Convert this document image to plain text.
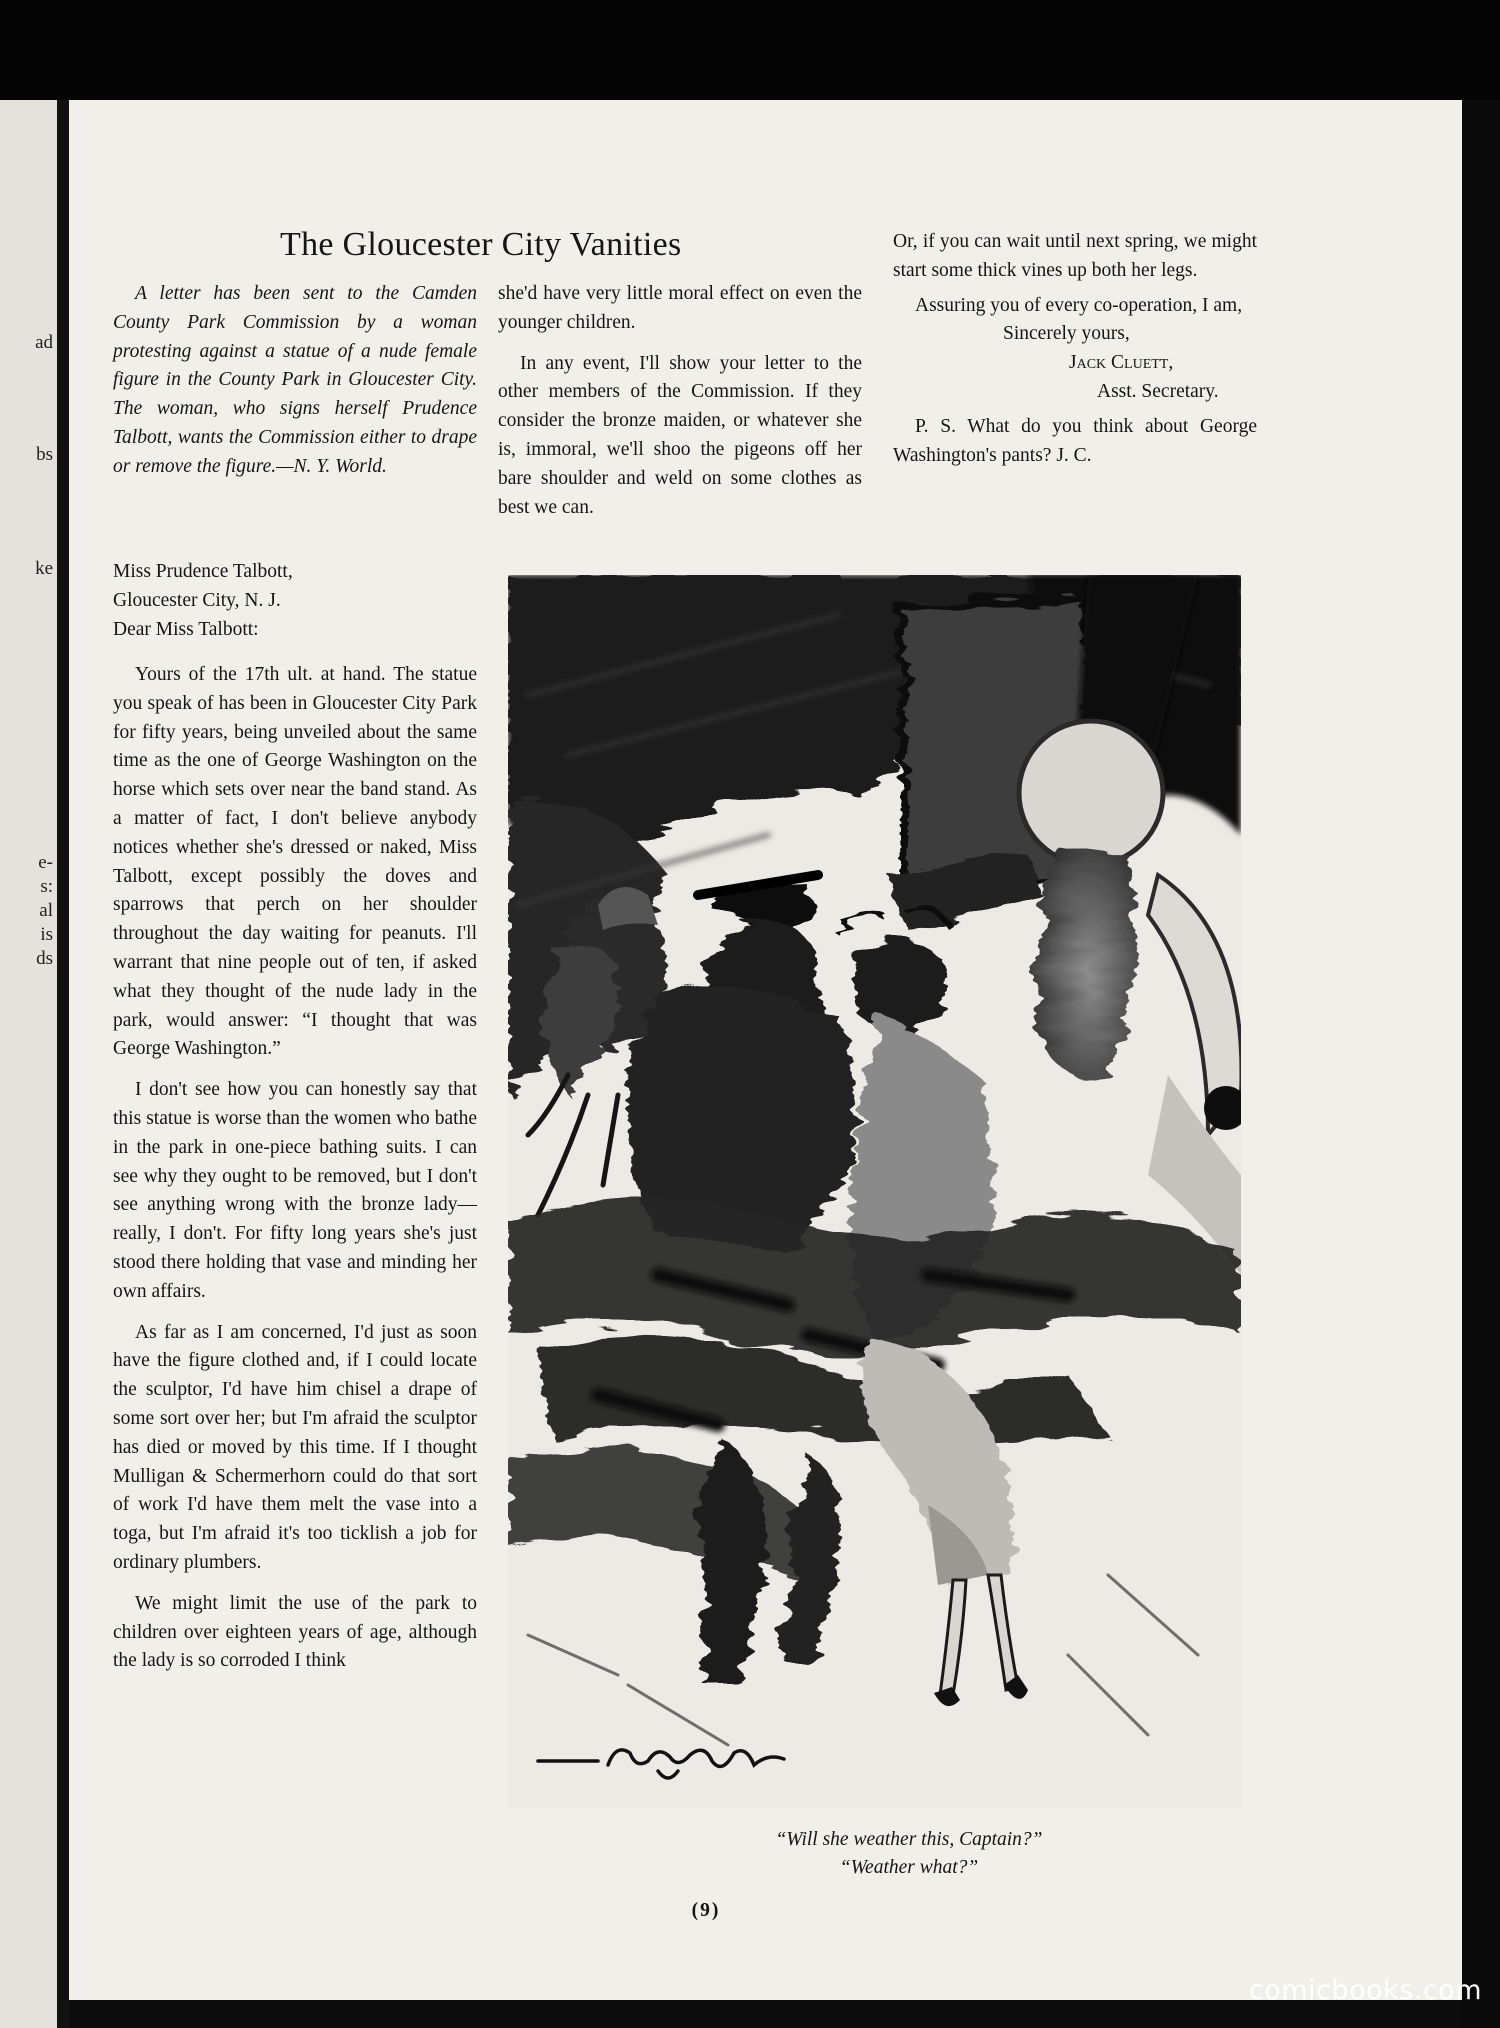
ad
bs
ke
e-
s:
al
is
ds
The Gloucester City Vanities

A letter has been sent to the Camden County Park Commission by a woman protesting against a statue of a nude female figure in the County Park in Gloucester City. The woman, who signs herself Prudence Talbott, wants the Commission either to drape or remove the figure.—N. Y. World.

Miss Prudence Talbott,

Gloucester City, N. J.

Dear Miss Talbott:

Yours of the 17th ult. at hand. The statue you speak of has been in Gloucester City Park for fifty years, being unveiled about the same time as the one of George Washington on the horse which sets over near the band stand. As a matter of fact, I don't believe anybody notices whether she's dressed or naked, Miss Talbott, except possibly the doves and sparrows that perch on her shoulder throughout the day waiting for peanuts. I'll warrant that nine people out of ten, if asked what they thought of the nude lady in the park, would answer: “I thought that was George Washington.”

I don't see how you can honestly say that this statue is worse than the women who bathe in the park in one-piece bathing suits. I can see why they ought to be removed, but I don't see anything wrong with the bronze lady—really, I don't. For fifty long years she's just stood there holding that vase and minding her own affairs.

As far as I am concerned, I'd just as soon have the figure clothed and, if I could locate the sculptor, I'd have him chisel a drape of some sort over her; but I'm afraid the sculptor has died or moved by this time. If I thought Mulligan & Schermerhorn could do that sort of work I'd have them melt the vase into a toga, but I'm afraid it's too ticklish a job for ordinary plumbers.

We might limit the use of the park to children over eighteen years of age, although the lady is so corroded I think

she'd have very little moral effect on even the younger children.

In any event, I'll show your letter to the other members of the Commission. If they consider the bronze maiden, or whatever she is, immoral, we'll shoo the pigeons off her bare shoulder and weld on some clothes as best we can.

Or, if you can wait until next spring, we might start some thick vines up both her legs.

Assuring you of every co-operation, I am,

Sincerely yours,

Jack Cluett,

Asst. Secretary.

P. S. What do you think about George Washington's pants? J. C.

“Will she weather this, Captain?”
“Weather what?”
(9)
comicbooks.com
